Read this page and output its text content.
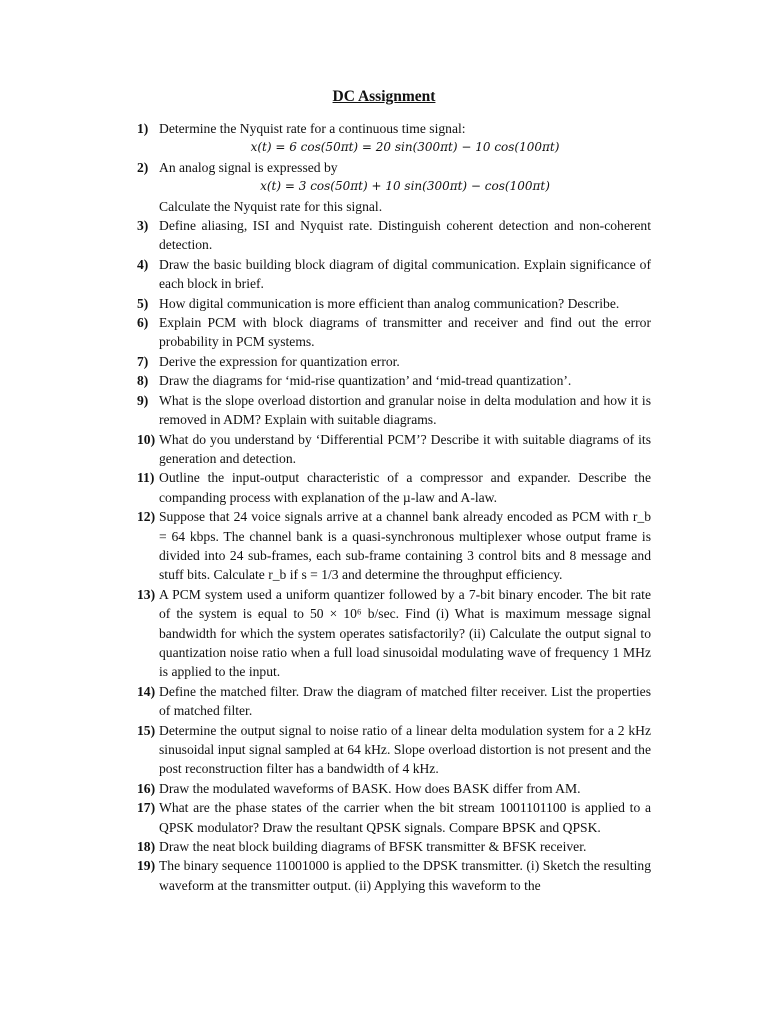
DC Assignment
1) Determine the Nyquist rate for a continuous time signal:
x(t) = 6 cos(50πt) = 20 sin(300πt) − 10 cos(100πt)
2) An analog signal is expressed by
x(t) = 3 cos(50πt) + 10 sin(300πt) − cos(100πt)
Calculate the Nyquist rate for this signal.
3) Define aliasing, ISI and Nyquist rate. Distinguish coherent detection and non-coherent detection.
4) Draw the basic building block diagram of digital communication. Explain significance of each block in brief.
5) How digital communication is more efficient than analog communication? Describe.
6) Explain PCM with block diagrams of transmitter and receiver and find out the error probability in PCM systems.
7) Derive the expression for quantization error.
8) Draw the diagrams for ‘mid-rise quantization’ and ‘mid-tread quantization’.
9) What is the slope overload distortion and granular noise in delta modulation and how it is removed in ADM? Explain with suitable diagrams.
10) What do you understand by ‘Differential PCM’? Describe it with suitable diagrams of its generation and detection.
11) Outline the input-output characteristic of a compressor and expander. Describe the companding process with explanation of the µ-law and A-law.
12) Suppose that 24 voice signals arrive at a channel bank already encoded as PCM with r_b = 64 kbps. The channel bank is a quasi-synchronous multiplexer whose output frame is divided into 24 sub-frames, each sub-frame containing 3 control bits and 8 message and stuff bits. Calculate r_b if s = 1/3 and determine the throughput efficiency.
13) A PCM system used a uniform quantizer followed by a 7-bit binary encoder. The bit rate of the system is equal to 50 × 10⁶ b/sec. Find (i) What is maximum message signal bandwidth for which the system operates satisfactorily? (ii) Calculate the output signal to quantization noise ratio when a full load sinusoidal modulating wave of frequency 1 MHz is applied to the input.
14) Define the matched filter. Draw the diagram of matched filter receiver. List the properties of matched filter.
15) Determine the output signal to noise ratio of a linear delta modulation system for a 2 kHz sinusoidal input signal sampled at 64 kHz. Slope overload distortion is not present and the post reconstruction filter has a bandwidth of 4 kHz.
16) Draw the modulated waveforms of BASK. How does BASK differ from AM.
17) What are the phase states of the carrier when the bit stream 1001101100 is applied to a QPSK modulator? Draw the resultant QPSK signals. Compare BPSK and QPSK.
18) Draw the neat block building diagrams of BFSK transmitter & BFSK receiver.
19) The binary sequence 11001000 is applied to the DPSK transmitter. (i) Sketch the resulting waveform at the transmitter output. (ii) Applying this waveform to the
